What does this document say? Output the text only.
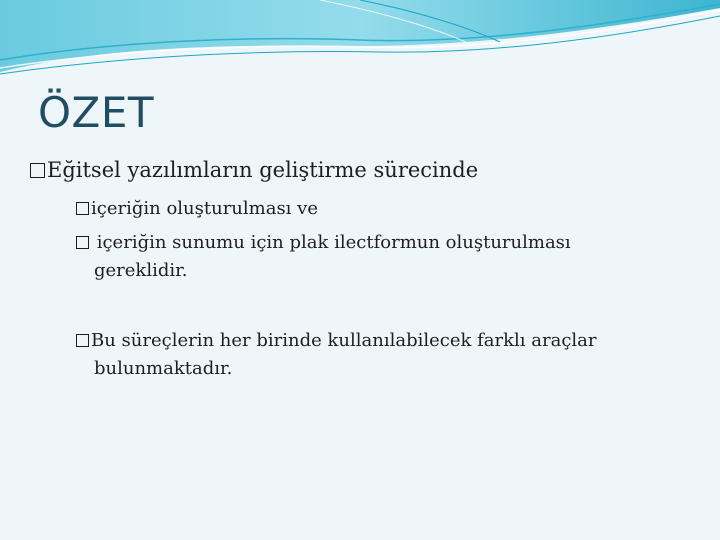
ÖZET
Eğitsel yazılımların geliştirme sürecinde
içeriğin oluşturulması ve
içeriğin sunumu için plak ilectformun oluşturulması
gereklidir.
Bu süreçlerin her birinde kullanılabilecek farklı araçlar
bulunmaktadır.
